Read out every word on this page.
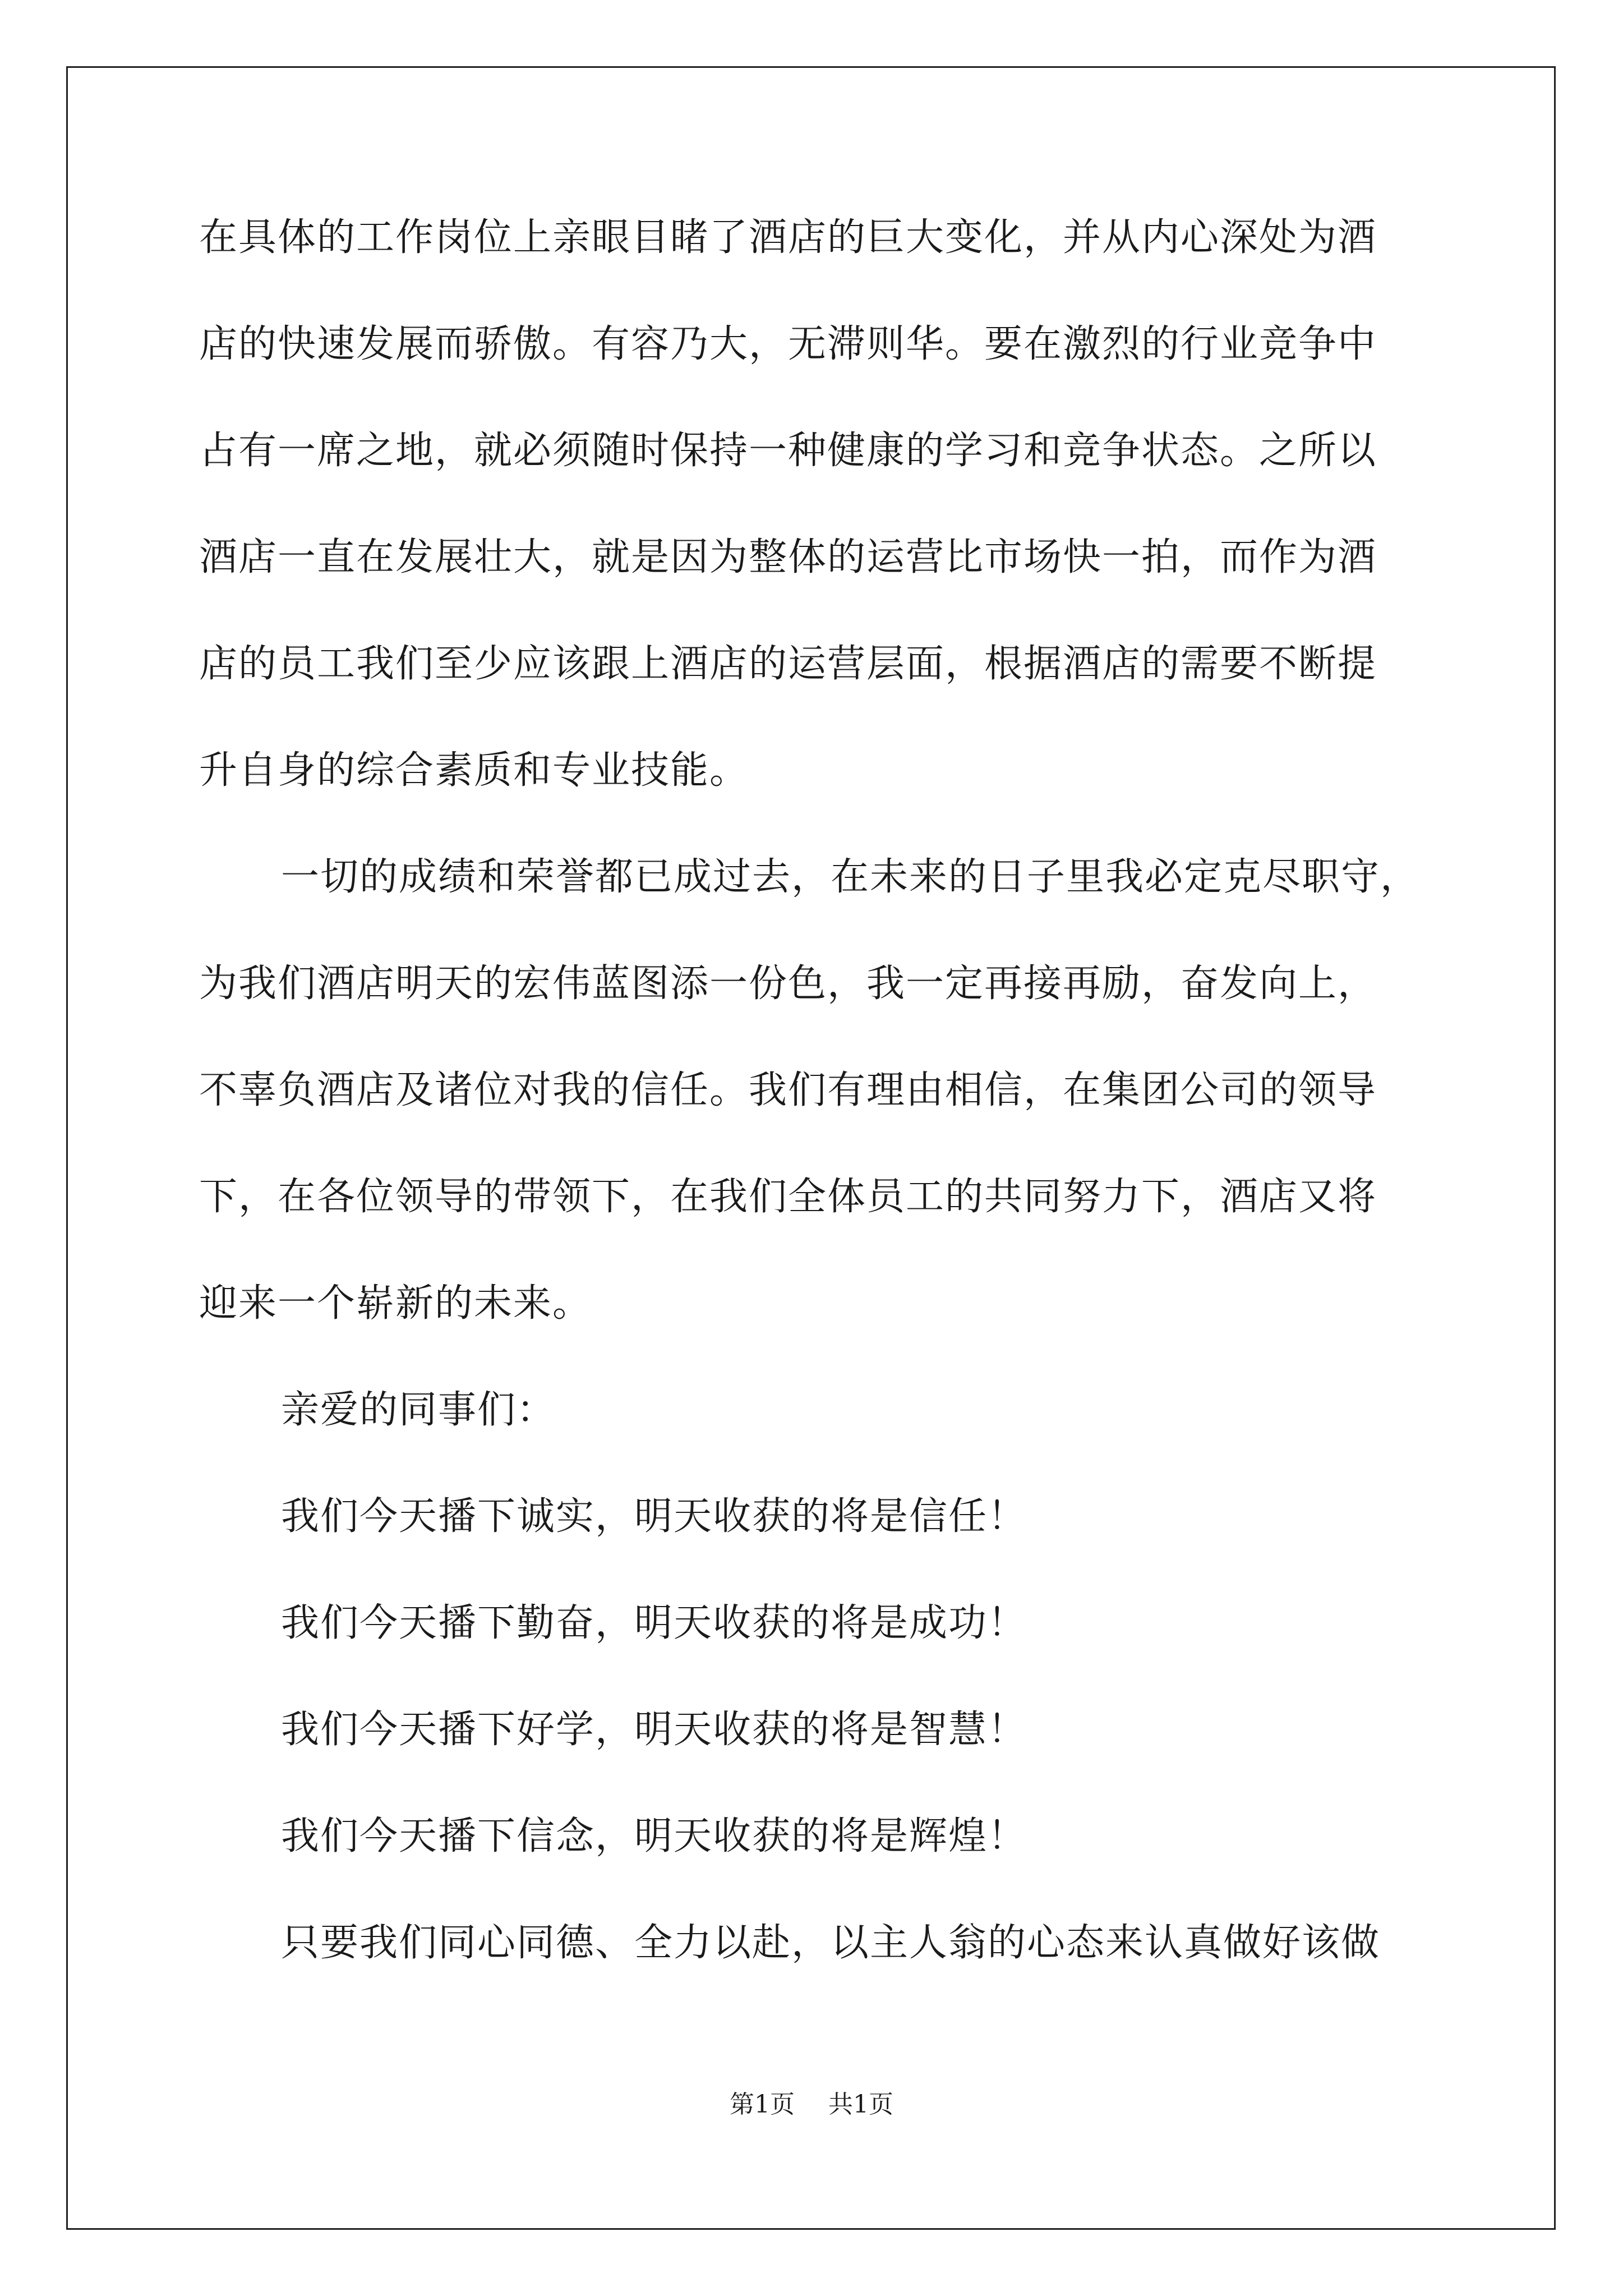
在具体的工作岗位上亲眼目睹了酒店的巨大变化，并从内心深处为酒
店的快速发展而骄傲。有容乃大，无滞则华。要在激烈的行业竞争中
占有一席之地，就必须随时保持一种健康的学习和竞争状态。之所以
酒店一直在发展壮大，就是因为整体的运营比市场快一拍，而作为酒
店的员工我们至少应该跟上酒店的运营层面，根据酒店的需要不断提
升自身的综合素质和专业技能。
一切的成绩和荣誉都已成过去，在未来的日子里我必定克尽职守，
为我们酒店明天的宏伟蓝图添一份色，我一定再接再励，奋发向上，
不辜负酒店及诸位对我的信任。我们有理由相信，在集团公司的领导
下，在各位领导的带领下，在我们全体员工的共同努力下，酒店又将
迎来一个崭新的未来。
亲爱的同事们：
我们今天播下诚实，明天收获的将是信任！
我们今天播下勤奋，明天收获的将是成功！
我们今天播下好学，明天收获的将是智慧！
我们今天播下信念，明天收获的将是辉煌！
只要我们同心同德、全力以赴，以主人翁的心态来认真做好该做
第1页 共1页
